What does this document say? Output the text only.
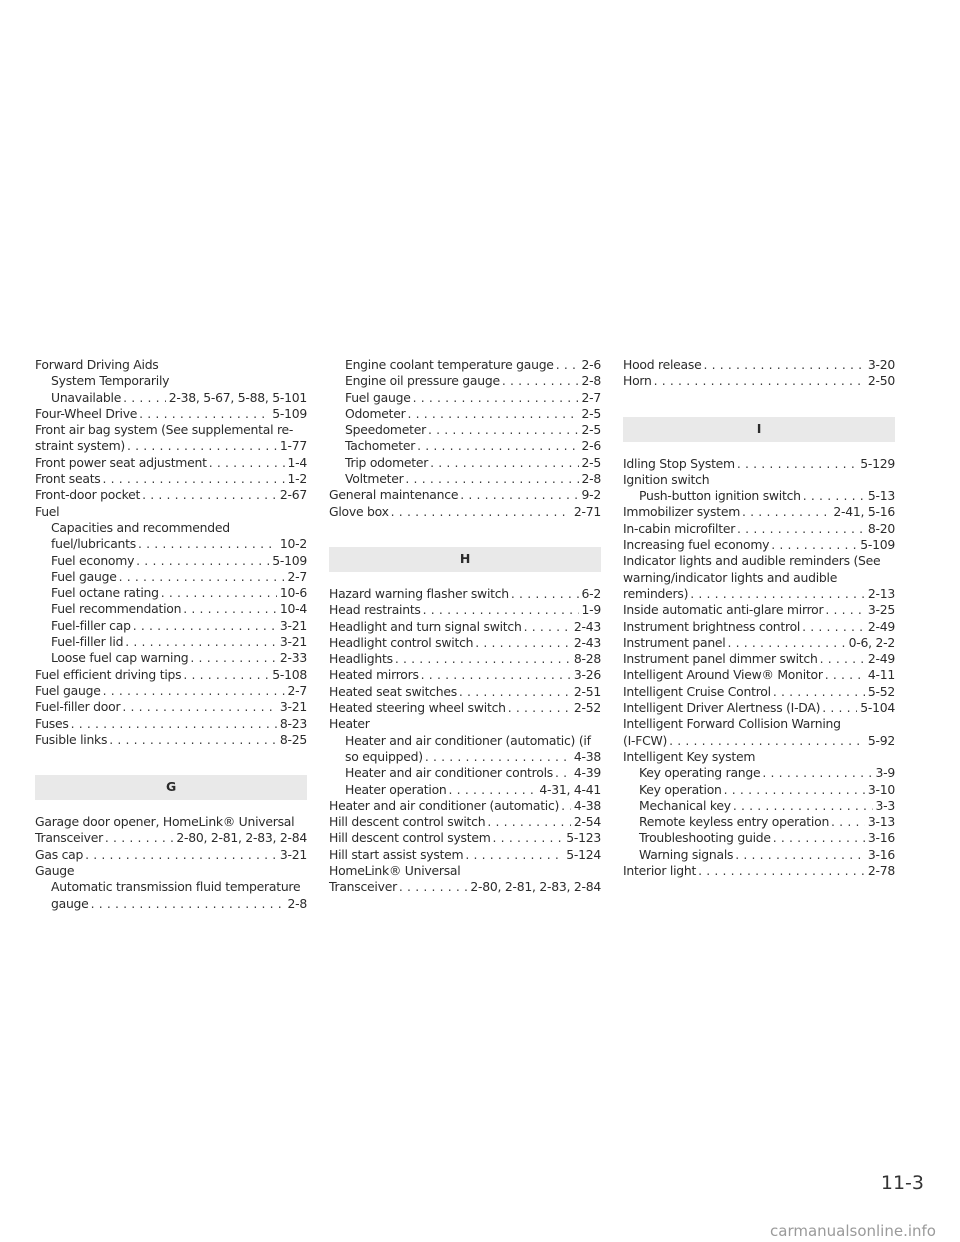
Forward Driving Aids
System Temporarily
Unavailable .....	2-38, 5-67, 5-88, 5-101
Four-Wheel Drive .....	5-109
Front air bag system (See supplemental re-
straint system) .....	1-77
Front power seat adjustment .....	1-4
Front seats .....	1-2
Front-door pocket .....	2-67
Fuel
Capacities and recommended
fuel/lubricants .....	10-2
Fuel economy .....	5-109
Fuel gauge .....	2-7
Fuel octane rating .....	10-6
Fuel recommendation .....	10-4
Fuel-filler cap .....	3-21
Fuel-filler lid .....	3-21
Loose fuel cap warning .....	2-33
Fuel efficient driving tips .....	5-108
Fuel gauge .....	2-7
Fuel-filler door .....	3-21
Fuses .....	8-23
Fusible links .....	8-25
G
Garage door opener, HomeLink® Universal
Transceiver .....	2-80, 2-81, 2-83, 2-84
Gas cap .....	3-21
Gauge
Automatic transmission fluid temperature
gauge .....	2-8
Engine coolant temperature gauge ..... 2-6
Engine oil pressure gauge .....	2-8
Fuel gauge .....	2-7
Odometer .....	2-5
Speedometer .....	2-5
Tachometer .....	2-6
Trip odometer .....	2-5
Voltmeter .....	2-8
General maintenance .....	9-2
Glove box .....	2-71
H
Hazard warning flasher switch .....	6-2
Head restraints .....	1-9
Headlight and turn signal switch .....	2-43
Headlight control switch .....	2-43
Headlights .....	8-28
Heated mirrors .....	3-26
Heated seat switches .....	2-51
Heated steering wheel switch .....	2-52
Heater
Heater and air conditioner (automatic) (if
so equipped) .....	4-38
Heater and air conditioner controls ..... 4-39
Heater operation .....	4-31, 4-41
Heater and air conditioner (automatic) ..... 4-38
Hill descent control switch .....	2-54
Hill descent control system .....	5-123
Hill start assist system .....	5-124
HomeLink® Universal
Transceiver .....	2-80, 2-81, 2-83, 2-84
Hood release .....	3-20
Horn .....	2-50
I
Idling Stop System .....	5-129
Ignition switch
Push-button ignition switch .....	5-13
Immobilizer system .....	2-41, 5-16
In-cabin microfilter .....	8-20
Increasing fuel economy .....	5-109
Indicator lights and audible reminders (See
warning/indicator lights and audible
reminders) .....	2-13
Inside automatic anti-glare mirror .....	3-25
Instrument brightness control .....	2-49
Instrument panel .....	0-6, 2-2
Instrument panel dimmer switch .....	2-49
Intelligent Around View® Monitor .....	4-11
Intelligent Cruise Control .....	5-52
Intelligent Driver Alertness (I-DA) .....	5-104
Intelligent Forward Collision Warning
(I-FCW) .....	5-92
Intelligent Key system
Key operating range .....	3-9
Key operation .....	3-10
Mechanical key .....	3-3
Remote keyless entry operation .....	3-13
Troubleshooting guide .....	3-16
Warning signals .....	3-16
Interior light .....	2-78
11-3
carmanualsonline.info
